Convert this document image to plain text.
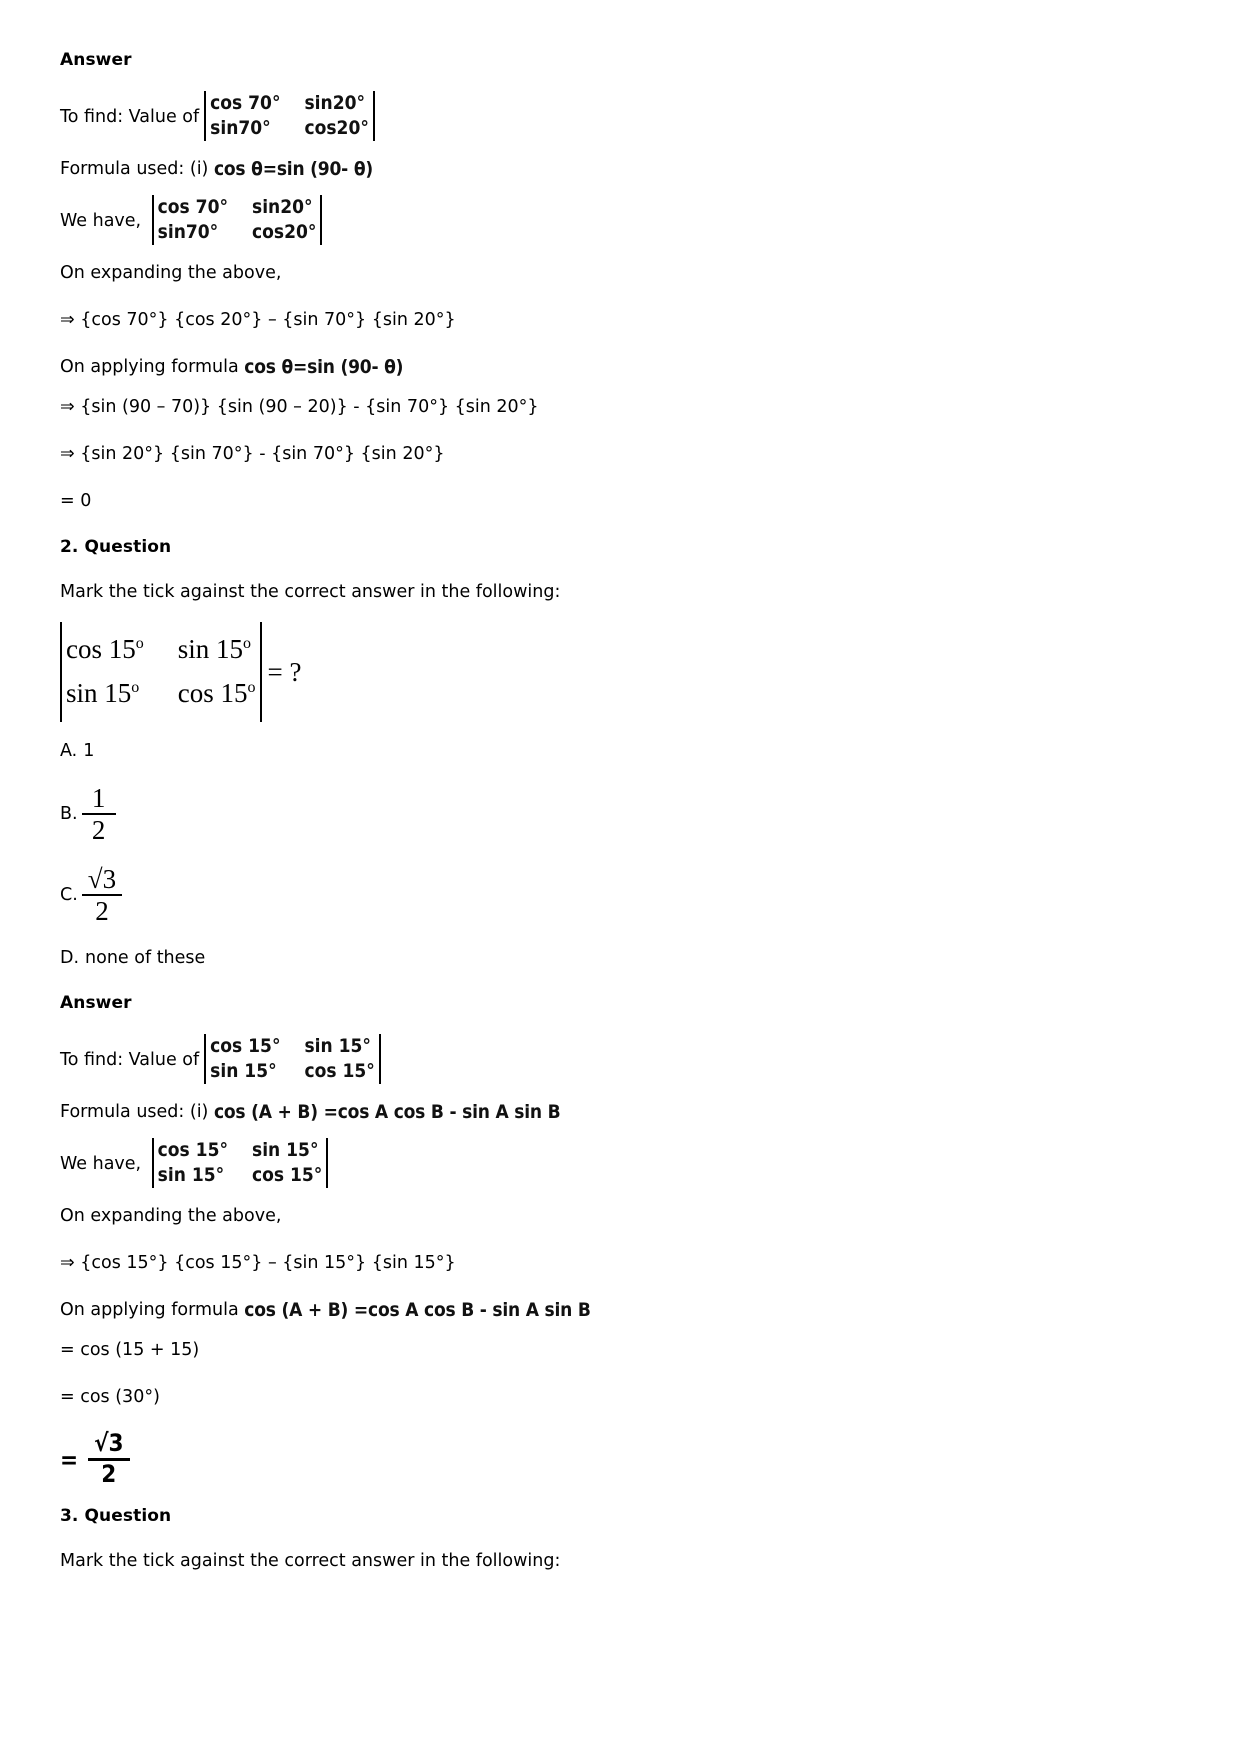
Answer
To find: Value of
cos 70°	sin20°
sin70°	cos20°
Formula used: (i) cos θ=sin (90- θ)
We have,
cos 70°	sin20°
sin70°	cos20°
On expanding the above,
⇒ {cos 70°} {cos 20°} – {sin 70°} {sin 20°}
On applying formula cos θ=sin (90- θ)
⇒ {sin (90 – 70)} {sin (90 – 20)} - {sin 70°} {sin 20°}
⇒ {sin 20°} {sin 70°} - {sin 70°} {sin 20°}
= 0
2. Question
Mark the tick against the correct answer in the following:
cos 15$^o$	sin 15$^o$
sin 15$^o$	$\cos 15^o$
= ?
A. 1
B. $\frac{1}{2}$
C. $\frac{√3}{2}$
D. none of these
Answer
To find: Value of
cos 15°	sin 15°
sin 15°	cos 15°
Formula used: (i) cos (A + B) =cos A cos B - sin A sin B
We have,
cos 15°	sin 15°
sin 15°	cos 15°
On expanding the above,
⇒ {cos 15°} {cos 15°} – {sin 15°} {sin 15°}
On applying formula cos (A + B) =cos A cos B - sin A sin B
= cos (15 + 15)
= cos (30°)
= $\frac{√3}{2}$
3. Question
Mark the tick against the correct answer in the following:
